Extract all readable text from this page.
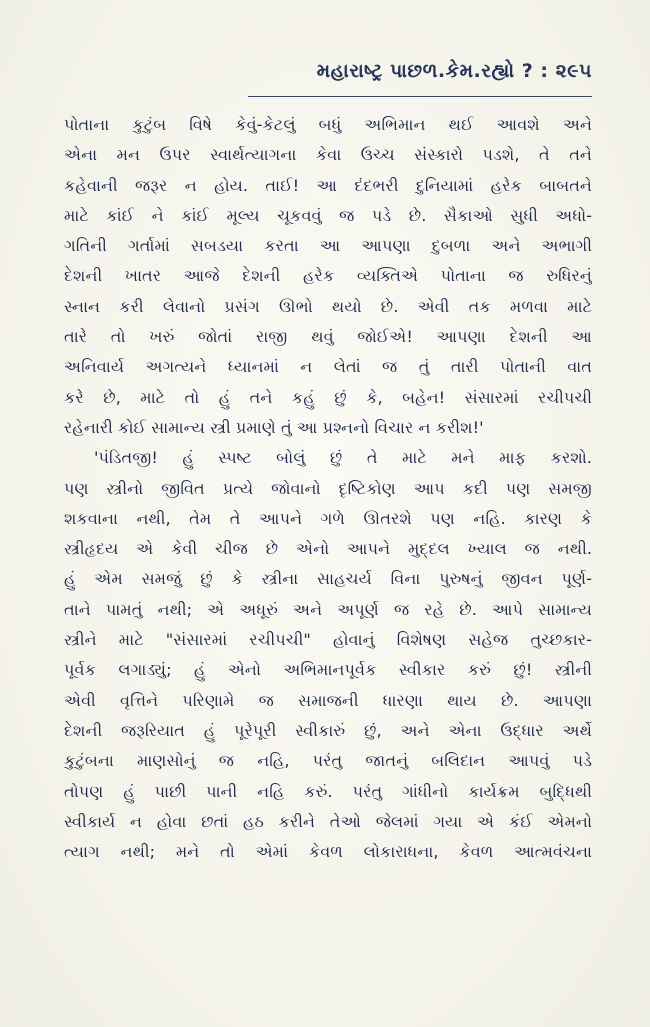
મહારાષ્ટ્ર પાછળ.કેમ.રહ્યો ? : ૨૯૫
પોતાના કુટુંબ વિષે કેવું-કેટલું બધું અભિમાન થઈ આવશે અને
એના મન ઉપર સ્વાર્થત્યાગના કેવા ઉચ્ચ સંસ્કારો પડશે, તે તને
કહેવાની જરૂર ન હોય. તાઈ! આ દંદભરી દુનિયામાં હરેક બાબતને
માટે કાંઈ ને કાંઈ મૂલ્ય ચૂકવવું જ પડે છે. સૈકાઓ સુધી અધો-
ગતિની ગર્તામાં સબડયા કરતા આ આપણા દુબળા અને અભાગી
દેશની ખાતર આજે દેશની હરેક વ્યક્તિએ પોતાના જ રુધિરનું
સ્નાન કરી લેવાનો પ્રસંગ ઊભો થયો છે. એવી તક મળવા માટે
તારે તો ખરું જોતાં રાજી થવું જોઈએ! આપણા દેશની આ
અનિવાર્ય અગત્યને ધ્યાનમાં ન લેતાં જ તું તારી પોતાની વાત
કરે છે, માટે તો હું તને કહું છું કે, બહેન! સંસારમાં રચીપચી
રહેનારી કોઈ સામાન્ય સ્ત્રી પ્રમાણે તું આ પ્રશ્નનો વિચાર ન કરીશ!'
'પંડિતજી! હું સ્પષ્ટ બોલું છું તે માટે મને માફ કરશો.
પણ સ્ત્રીનો જીવિત પ્રત્યે જોવાનો દૃષ્ટિકોણ આપ કદી પણ સમજી
શકવાના નથી, તેમ તે આપને ગળે ઊતરશે પણ નહિ. કારણ કે
સ્ત્રીહૃદય એ કેવી ચીજ છે એનો આપને મુદ્દલ ખ્યાલ જ નથી.
હું એમ સમજું છું કે સ્ત્રીના સાહચર્ય વિના પુરુષનું જીવન પૂર્ણ-
તાને પામતું નથી; એ અધૂરું અને અપૂર્ણ જ રહે છે. આપે સામાન્ય
સ્ત્રીને માટે "સંસારમાં રચીપચી" હોવાનું વિશેષણ સહેજ તુચ્છકાર-
પૂર્વક લગાડ્યું; હું એનો અભિમાનપૂર્વક સ્વીકાર કરું છું! સ્ત્રીની
એવી વૃત્તિને પરિણામે જ સમાજની ધારણા થાય છે. આપણા
દેશની જરૂરિયાત હું પૂરેપૂરી સ્વીકારું છું, અને એના ઉદ્ધાર અર્થે
કુટુંબના માણસોનું જ નહિ, પરંતુ જાતનું બલિદાન આપવું પડે
તોપણ હું પાછી પાની નહિ કરું. પરંતુ ગાંધીનો કાર્યક્રમ બુદ્ધિથી
સ્વીકાર્ય ન હોવા છતાં હઠ કરીને તેઓ જેલમાં ગયા એ કંઈ એમનો
ત્યાગ નથી; મને તો એમાં કેવળ લોકારાધના, કેવળ આત્મવંચના
